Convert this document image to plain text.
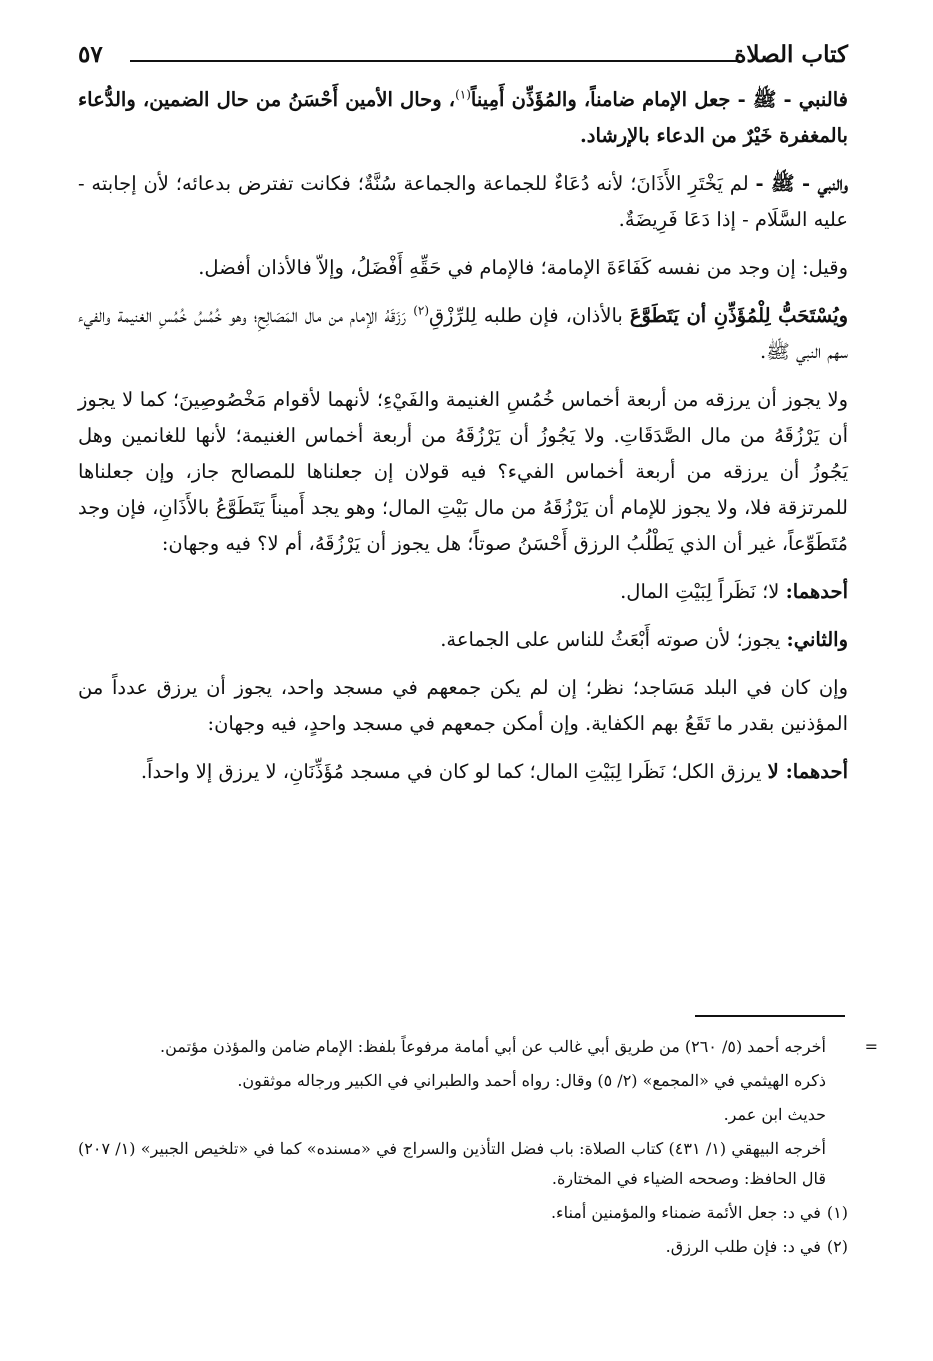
كتاب الصلاة
٥٧

فالنبي - ﷺ - جعل الإمام ضامناً، والمُؤَذِّن أَمِيناً$^{(١)}$، وحال الأمين أَحْسَنُ من حال الضمين، والدُّعاء بالمغفرة خَيْرٌ من الدعاء بالإرشاد.

والنبي - ﷺ - لم يَخْتَرِ الأَذَانَ؛ لأنه دُعَاءٌ للجماعة والجماعة سُنَّةٌ؛ فكانت تفترض بدعائه؛ لأن إجابته - عليه السَّلَام - إذا دَعَا فَرِيضَةٌ.

وقيل: إن وجد من نفسه كَفَاءَةَ الإمامة؛ فالإمام في حَقِّهِ أَفْضَلُ، وإلاّ فالأذان أفضل.

ويُسْتَحَبُّ لِلْمُؤَذِّنِ أن يَتَطَوَّعَ بالأذان، فإن طلبه لِلرِّزْقِ$^{(٢)}$ رَزَقَهُ الإمام من مال المَصَالِحِ؛ وهو خُمُسُ خُمُسِ الغنيمة والفيء سهم النبي ﷺ.

ولا يجوز أن يرزقه من أربعة أخماس خُمُسِ الغنيمة والفَيْءِ؛ لأنهما لأقوام مَخْصُوصِينَ؛ كما لا يجوز أن يَرْزُقَهُ من مال الصَّدَقَاتِ. ولا يَجُوزُ أن يَرْزُقَهُ من أربعة أخماس الغنيمة؛ لأنها للغانمين وهل يَجُوزُ أن يرزقه من أربعة أخماس الفيء؟ فيه قولان إن جعلناها للمصالح جاز، وإن جعلناها للمرتزقة فلا، ولا يجوز للإمام أن يَرْزُقَهُ من مال بَيْتِ المال؛ وهو يجد أَميناً يَتَطَوَّعُ بالأَذَانِ، فإن وجد مُتَطَوِّعاً، غير أن الذي يَطْلُبُ الرزق أَحْسَنُ صوتاً؛ هل يجوز أن يَرْزُقَهُ، أم لا؟ فيه وجهان:

أحدهما: لا؛ نَظَراً لِبَيْتِ المال.

والثاني: يجوز؛ لأن صوته أَبْعَثُ للناس على الجماعة.

وإن كان في البلد مَسَاجد؛ نظر؛ إن لم يكن جمعهم في مسجد واحد، يجوز أن يرزق عدداً من المؤذنين بقدر ما تَقَعُ بهم الكفاية. وإن أمكن جمعهم في مسجد واحدٍ، فيه وجهان:

أحدهما: لا يرزق الكل؛ نَظَرا لِبَيْتِ المال؛ كما لو كان في مسجد مُؤَذِّنَانِ، لا يرزق إلا واحداً.

=
أخرجه أحمد (٥/ ٢٦٠) من طريق أبي غالب عن أبي أمامة مرفوعاً بلفظ: الإمام ضامن والمؤذن مؤتمن.

ذكره الهيثمي في «المجمع» (٢/ ٥) وقال: رواه أحمد والطبراني في الكبير ورجاله موثقون.

حديث ابن عمر.

أخرجه البيهقي (١/ ٤٣١) كتاب الصلاة: باب فضل التأذين والسراج في «مسنده» كما في «تلخيص الجبير» (١/ ٢٠٧) قال الحافظ: وصححه الضياء في المختارة.

(١)في د: جعل الأئمة ضمناء والمؤمنين أمناء.

(٢)في د: فإن طلب الرزق.
